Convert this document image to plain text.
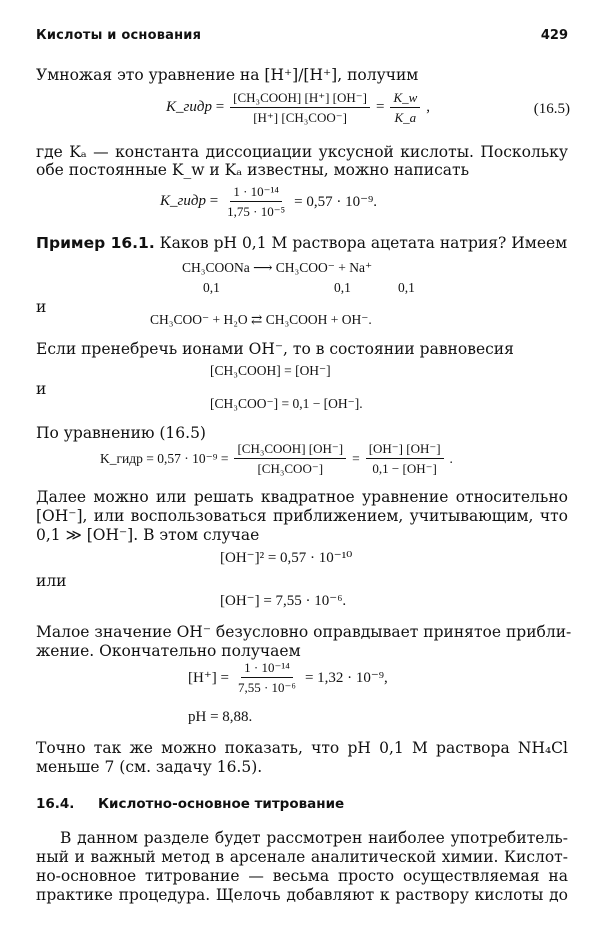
Кислоты и основания	429
Умножая это уравнение на [H⁺]/[H⁺], получим
K_гидр = $\frac{\text{[CH₃COOH] [H⁺] [OH⁻]}}{\text{[H⁺] [CH₃COO⁻]}} = \frac{K\_w}{K\_a}$ ,	(16.5)
где Kₐ — константа диссоциации уксусной кислоты. Поскольку
обе постоянные K_w и Kₐ известны, можно написать
K_гидр = $\frac{\text{1 · 10⁻¹⁴}}{\text{1,75 · 10⁻⁵}} = 0,57 \cdot 10^{-9}$.
Пример 16.1. Каков pH 0,1 M раствора ацетата натрия? Имеем
CH₃COONa ⟶ CH₃COO⁻ + Na⁺
0,1	0,1	0,1
и
CH₃COO⁻ + H₂O ⇄ CH₃COOH + OH⁻.
Если пренебречь ионами OH⁻, то в состоянии равновесия
[CH₃COOH] = [OH⁻]
и
[CH₃COO⁻] = 0,1 − [OH⁻].
По уравнению (16.5)
K_гидр = $0,57 \cdot 10^{-9} = \frac{\text{[CH₃COOH] [OH⁻]}}{\text{[CH₃COO⁻]}} = \frac{[OH^-] [OH^-]}{0,1 - [OH^-]}$ .
Далее можно или решать квадратное уравнение относительно
[OH⁻], или воспользоваться приближением, учитывающим, что
0,1 ≫ [OH⁻]. В этом случае
[OH⁻]² = 0,57 · 10⁻¹⁰
или
[OH⁻] = 7,55 · 10⁻⁶.
Малое значение OH⁻ безусловно оправдывает принятое прибли-
жение. Окончательно получаем
$[H^+] = \frac{\text{1 · 10⁻¹⁴}}{\text{7,55 · 10⁻⁶}} = 1,32 \cdot 10^{-9}$,
pH = 8,88.
Точно так же можно показать, что pH 0,1 M раствора NH₄Cl
меньше 7 (см. задачу 16.5).
16.4. Кислотно-основное титрование
В данном разделе будет рассмотрен наиболее употребитель-
ный и важный метод в арсенале аналитической химии. Кислот-
но-основное титрование — весьма просто осуществляемая на
практике процедура. Щелочь добавляют к раствору кислоты до
